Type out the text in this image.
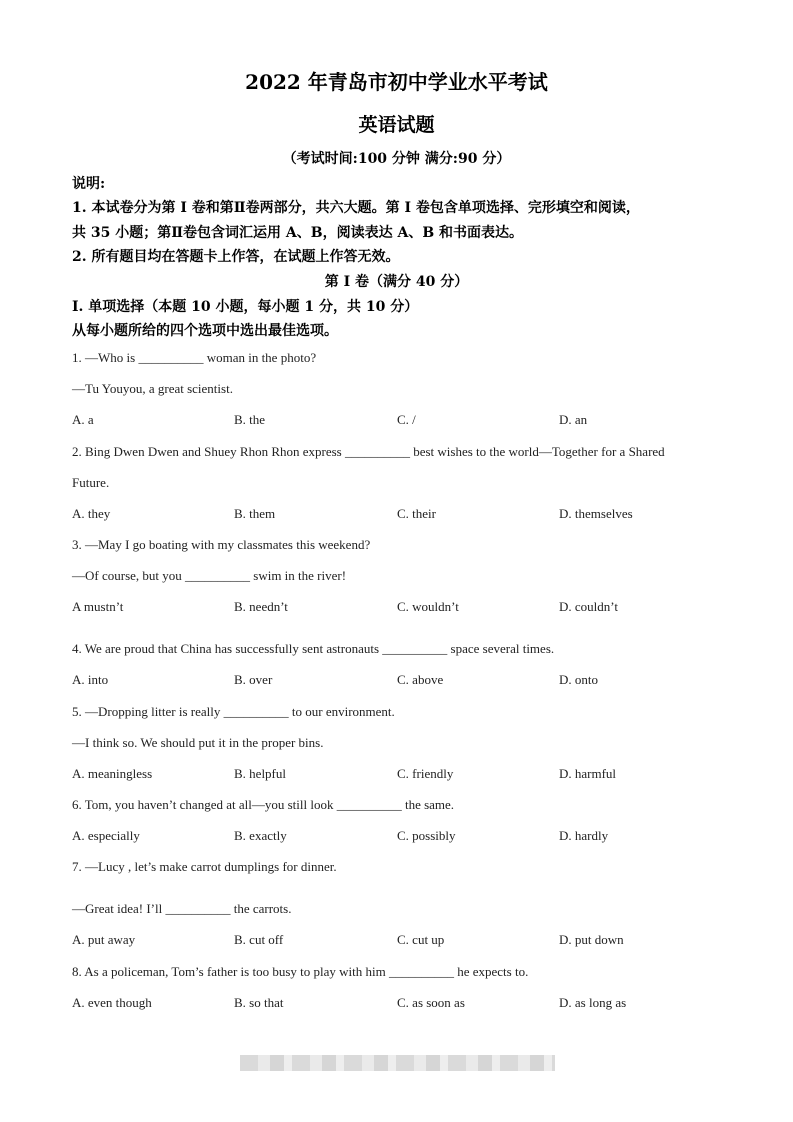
2022 年青岛市初中学业水平考试
英语试题
（考试时间:100 分钟 满分:90 分）
说明:
1. 本试卷分为第 I 卷和第Ⅱ卷两部分，共六大题。第 I 卷包含单项选择、完形填空和阅读，
共 35 小题；第Ⅱ卷包含词汇运用 A、B，阅读表达 A、B 和书面表达。
2. 所有题目均在答题卡上作答，在试题上作答无效。
第 I 卷（满分 40 分）
I. 单项选择（本题 10 小题，每小题 1 分，共 10 分）
从每小题所给的四个选项中选出最佳选项。
1. —Who is __________ woman in the photo?
—Tu Youyou, a great scientist.
A. a	B. the	C. /	D. an
2. Bing Dwen Dwen and Shuey Rhon Rhon express __________ best wishes to the world—Together for a Shared
Future.
A. they	B. them	C. their	D. themselves
3. —May I go boating with my classmates this weekend?
—Of course, but you __________ swim in the river!
A mustn’t	B. needn’t	C. wouldn’t	D. couldn’t
4. We are proud that China has successfully sent astronauts __________ space several times.
A. into	B. over	C. above	D. onto
5. —Dropping litter is really __________ to our environment.
—I think so. We should put it in the proper bins.
A. meaningless	B. helpful	C. friendly	D. harmful
6. Tom, you haven’t changed at all—you still look __________ the same.
A. especially	B. exactly	C. possibly	D. hardly
7. —Lucy , let’s make carrot dumplings for dinner.
—Great idea! I’ll __________ the carrots.
A. put away	B. cut off	C. cut up	D. put down
8. As a policeman, Tom’s father is too busy to play with him __________ he expects to.
A. even though	B. so that	C. as soon as	D. as long as
